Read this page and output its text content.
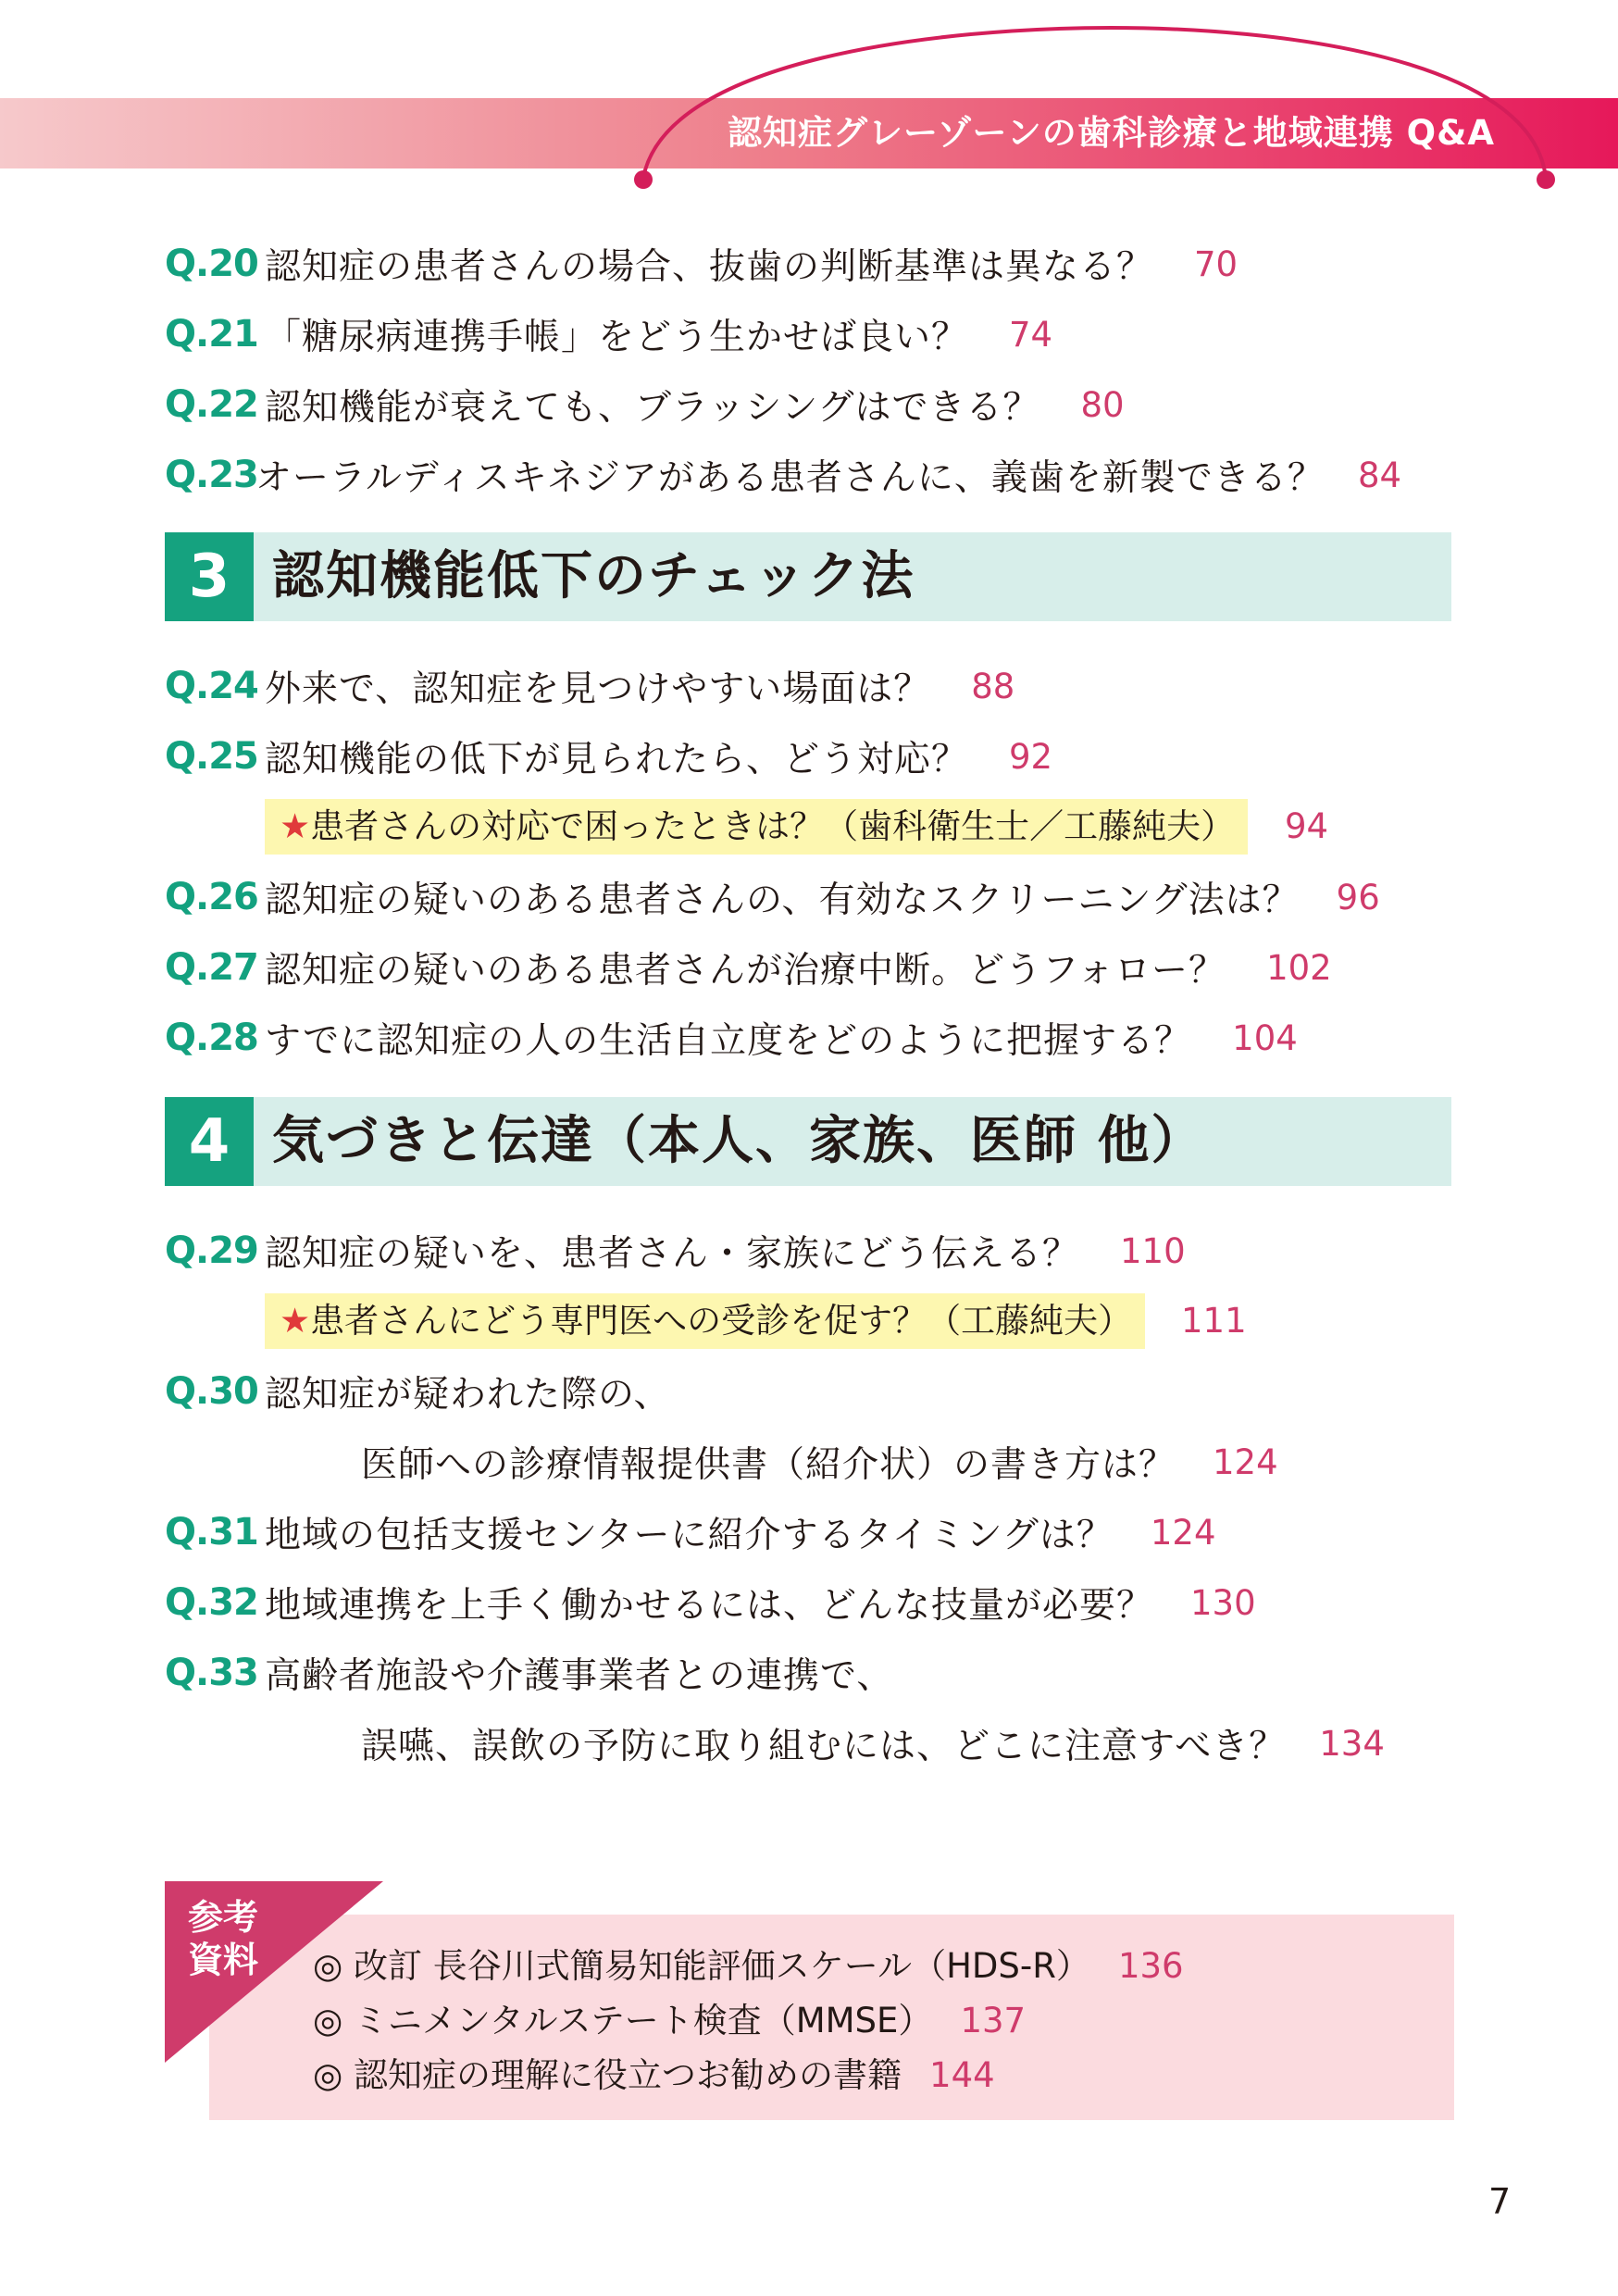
認知症グレーゾーンの歯科診療と地域連携 Q&A
Q.20 認知症の患者さんの場合、抜歯の判断基準は異なる？ 70
Q.21 「糖尿病連携手帳」をどう生かせば良い？ 74
Q.22 認知機能が衰えても、ブラッシングはできる？ 80
Q.23
オーラルディスキネジアがある患者さんに、義歯を新製できる？ 84
3 認知機能低下のチェック法
Q.24 外来で、認知症を見つけやすい場面は？ 88
Q.25 認知機能の低下が見られたら、どう対応？ 92
★患者さんの対応で困ったときは？（歯科衛生士／工藤純夫）	94
Q.26 認知症の疑いのある患者さんの、有効なスクリーニング法は？ 96
Q.27 認知症の疑いのある患者さんが治療中断。どうフォロー？ 102
Q.28 すでに認知症の人の生活自立度をどのように把握する？ 104
4 気づきと伝達（本人、家族、医師 他）
Q.29 認知症の疑いを、患者さん・家族にどう伝える？ 110
★患者さんにどう専門医への受診を促す？（工藤純夫）	111
Q.30 認知症が疑われた際の、
医師への診療情報提供書（紹介状）の書き方は？ 124
Q.31 地域の包括支援センターに紹介するタイミングは？ 124
Q.32 地域連携を上手く働かせるには、どんな技量が必要？ 130
Q.33 高齢者施設や介護事業者との連携で、
誤嚥、誤飲の予防に取り組むには、どこに注意すべき？ 134
参考
資料 ◎ 改訂 長谷川式簡易知能評価スケール（HDS-R） 136
◎ ミニメンタルステート検査（MMSE） 137
◎ 認知症の理解に役立つお勧めの書籍 144
7
